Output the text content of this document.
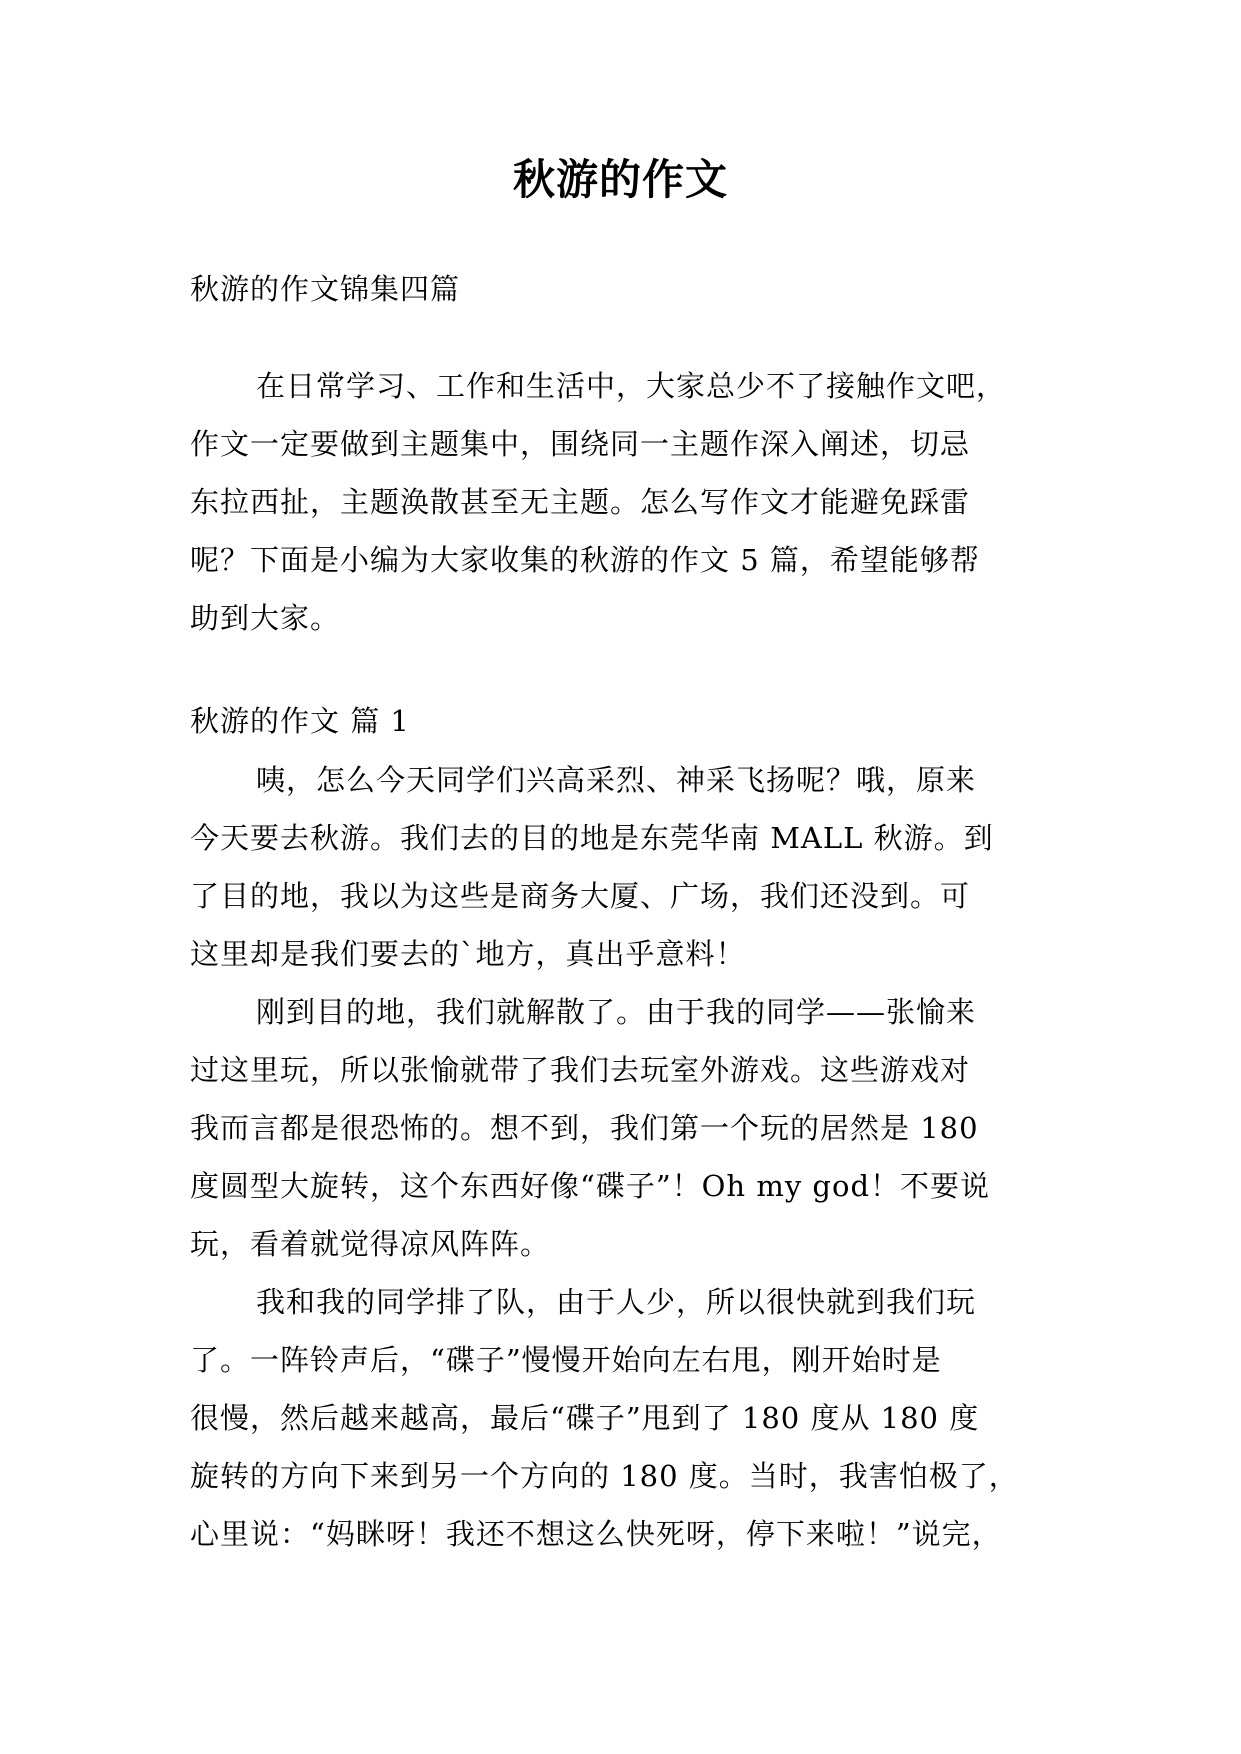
秋游的作文
秋游的作文锦集四篇
在日常学习、工作和生活中，大家总少不了接触作文吧，
作文一定要做到主题集中，围绕同一主题作深入阐述，切忌
东拉西扯，主题涣散甚至无主题。怎么写作文才能避免踩雷
呢？下面是小编为大家收集的秋游的作文 5 篇，希望能够帮
助到大家。
秋游的作文 篇 1
咦，怎么今天同学们兴高采烈、神采飞扬呢？哦，原来
今天要去秋游。我们去的目的地是东莞华南 MALL 秋游。到
了目的地，我以为这些是商务大厦、广场，我们还没到。可
这里却是我们要去的`地方，真出乎意料！
刚到目的地，我们就解散了。由于我的同学——张愉来
过这里玩，所以张愉就带了我们去玩室外游戏。这些游戏对
我而言都是很恐怖的。想不到，我们第一个玩的居然是 180
度圆型大旋转，这个东西好像“碟子”！Oh my god！不要说
玩，看着就觉得凉风阵阵。
我和我的同学排了队，由于人少，所以很快就到我们玩
了。一阵铃声后，“碟子”慢慢开始向左右甩，刚开始时是
很慢，然后越来越高，最后“碟子”甩到了 180 度从 180 度
旋转的方向下来到另一个方向的 180 度。当时，我害怕极了，
心里说：“妈眯呀！我还不想这么快死呀，停下来啦！”说完，
